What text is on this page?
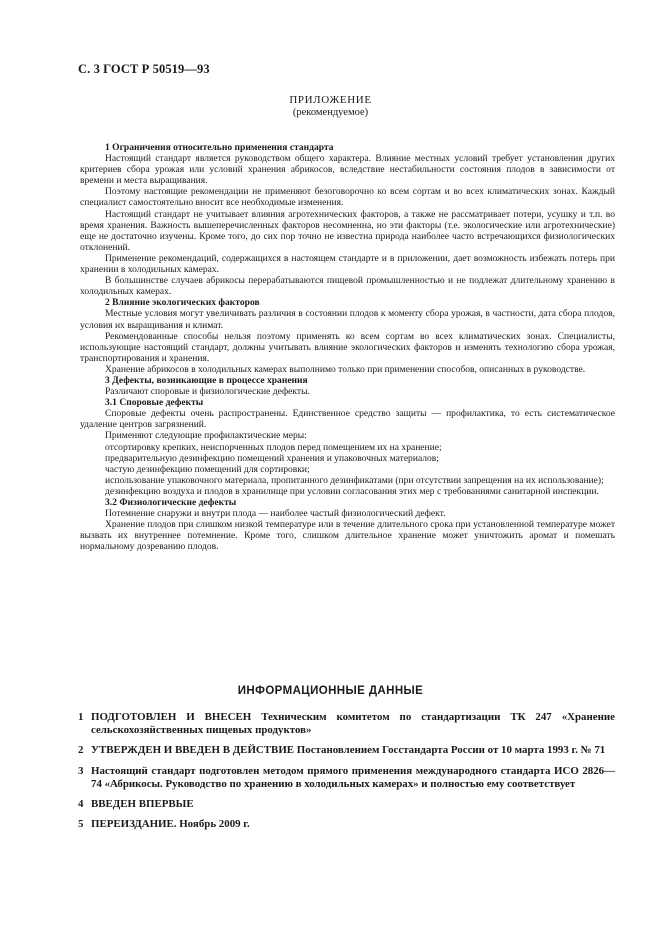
С. 3 ГОСТ Р 50519—93
ПРИЛОЖЕНИЕ
(рекомендуемое)

1 Ограничения относительно применения стандарта

Настоящий стандарт является руководством общего характера. Влияние местных условий требует установления других критериев сбора урожая или условий хранения абрикосов, вследствие нестабильности состояния плодов в зависимости от времени и места выращивания.

Поэтому настоящие рекомендации не применяют безоговорочно ко всем сортам и во всех климатических зонах. Каждый специалист самостоятельно вносит все необходимые изменения.

Настоящий стандарт не учитывает влияния агротехнических факторов, а также не рассматривает потери, усушку и т.п. во время хранения. Важность вышеперечисленных факторов несомненна, но эти факторы (т.е. экологические или агротехнические) еще не достаточно изучены. Кроме того, до сих пор точно не известна природа наиболее часто встречающихся физиологических отклонений.

Применение рекомендаций, содержащихся в настоящем стандарте и в приложении, дает возможность избежать потерь при хранении в холодильных камерах.

В большинстве случаев абрикосы перерабатываются пищевой промышленностью и не подлежат длительному хранению в холодильных камерах.

2 Влияние экологических факторов

Местные условия могут увеличивать различия в состоянии плодов к моменту сбора урожая, в частности, дата сбора плодов, условия их выращивания и климат.

Рекомендованные способы нельзя поэтому применять ко всем сортам во всех климатических зонах. Специалисты, использующие настоящий стандарт, должны учитывать влияние экологических факторов и изменять технологию сбора урожая, транспортирования и хранения.

Хранение абрикосов в холодильных камерах выполнимо только при применении способов, описанных в руководстве.

3 Дефекты, возникающие в процессе хранения

Различают споровые и физиологические дефекты.

3.1 Споровые дефекты

Споровые дефекты очень распространены. Единственное средство защиты — профилактика, то есть систематическое удаление центров загрязнений.

Применяют следующие профилактические меры:

отсортировку крепких, неиспорченных плодов перед помещением их на хранение;

предварительную дезинфекцию помещений хранения и упаковочных материалов;

частую дезинфекцию помещений для сортировки;

использование упаковочного материала, пропитанного дезинфикатами (при отсутствии запрещения на их использование);

дезинфекцию воздуха и плодов в хранилище при условии согласования этих мер с требованиями санитарной инспекции.

3.2 Физиологические дефекты

Потемнение снаружи и внутри плода — наиболее частый физиологический дефект.

Хранение плодов при слишком низкой температуре или в течение длительного срока при установленной температуре может вызвать их внутреннее потемнение. Кроме того, слишком длительное хранение может уничтожить аромат и помешать нормальному дозреванию плодов.

ИНФОРМАЦИОННЫЕ ДАННЫЕ
1 ПОДГОТОВЛЕН И ВНЕСЕН Техническим комитетом по стандартизации ТК 247 «Хранение сельскохозяйственных пищевых продуктов»
2 УТВЕРЖДЕН И ВВЕДЕН В ДЕЙСТВИЕ Постановлением Госстандарта России от 10 марта 1993 г. № 71
3 Настоящий стандарт подготовлен методом прямого применения международного стандарта ИСО 2826—74 «Абрикосы. Руководство по хранению в холодильных камерах» и полностью ему соответствует
4 ВВЕДЕН ВПЕРВЫЕ
5 ПЕРЕИЗДАНИЕ. Ноябрь 2009 г.
